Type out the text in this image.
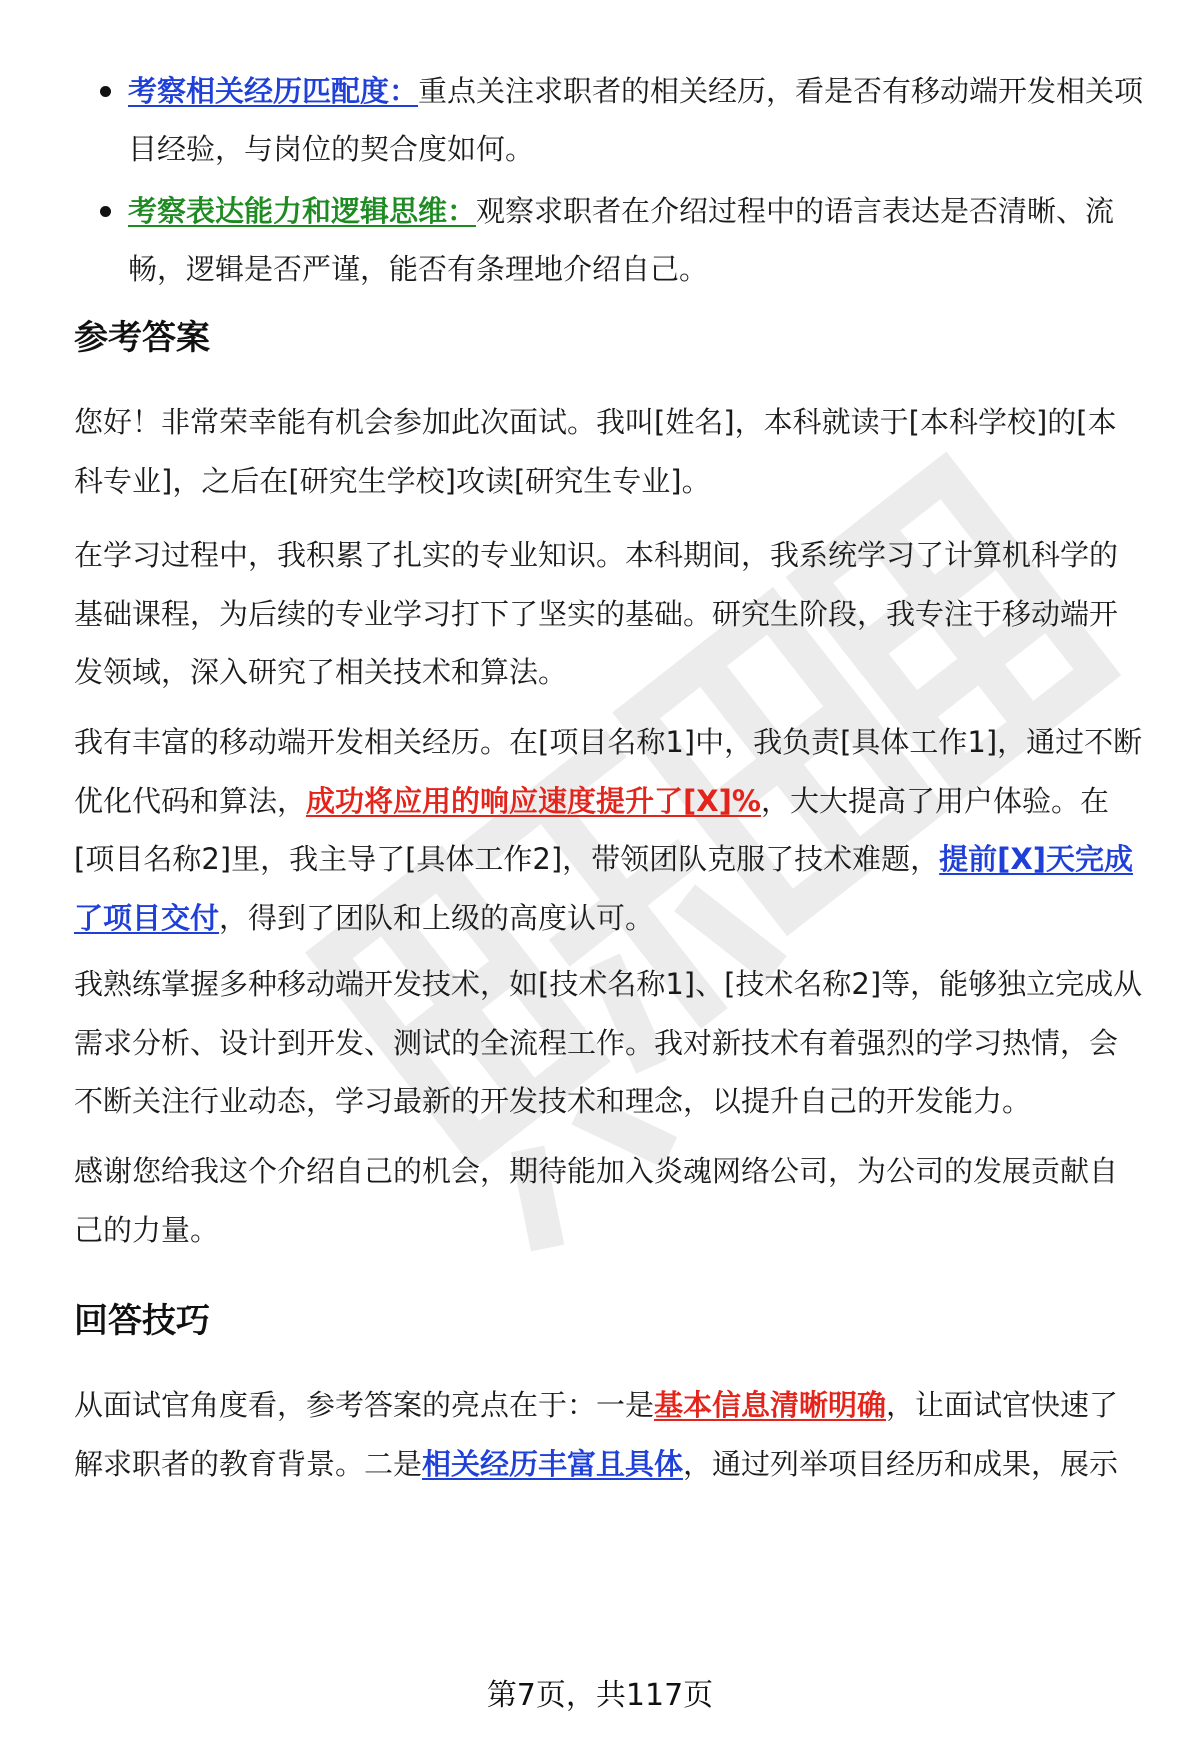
考察相关经历匹配度：重点关注求职者的相关经历，看是否有移动端开发相关项目经验，与岗位的契合度如何。
考察表达能力和逻辑思维：观察求职者在介绍过程中的语言表达是否清晰、流畅，逻辑是否严谨，能否有条理地介绍自己。
参考答案

您好！非常荣幸能有机会参加此次面试。我叫[姓名]，本科就读于[本科学校]的[本科专业]，之后在[研究生学校]攻读[研究生专业]。

在学习过程中，我积累了扎实的专业知识。本科期间，我系统学习了计算机科学的基础课程，为后续的专业学习打下了坚实的基础。研究生阶段，我专注于移动端开发领域，深入研究了相关技术和算法。

我有丰富的移动端开发相关经历。在[项目名称1]中，我负责[具体工作1]，通过不断优化代码和算法，成功将应用的响应速度提升了[X]%，大大提高了用户体验。在[项目名称2]里，我主导了[具体工作2]，带领团队克服了技术难题，提前[X]天完成了项目交付，得到了团队和上级的高度认可。

我熟练掌握多种移动端开发技术，如[技术名称1]、[技术名称2]等，能够独立完成从需求分析、设计到开发、测试的全流程工作。我对新技术有着强烈的学习热情，会不断关注行业动态，学习最新的开发技术和理念，以提升自己的开发能力。

感谢您给我这个介绍自己的机会，期待能加入炎魂网络公司，为公司的发展贡献自己的力量。

回答技巧

从面试官角度看，参考答案的亮点在于：一是基本信息清晰明确，让面试官快速了解求职者的教育背景。二是相关经历丰富且具体，通过列举项目经历和成果，展示

第7页，共117页
